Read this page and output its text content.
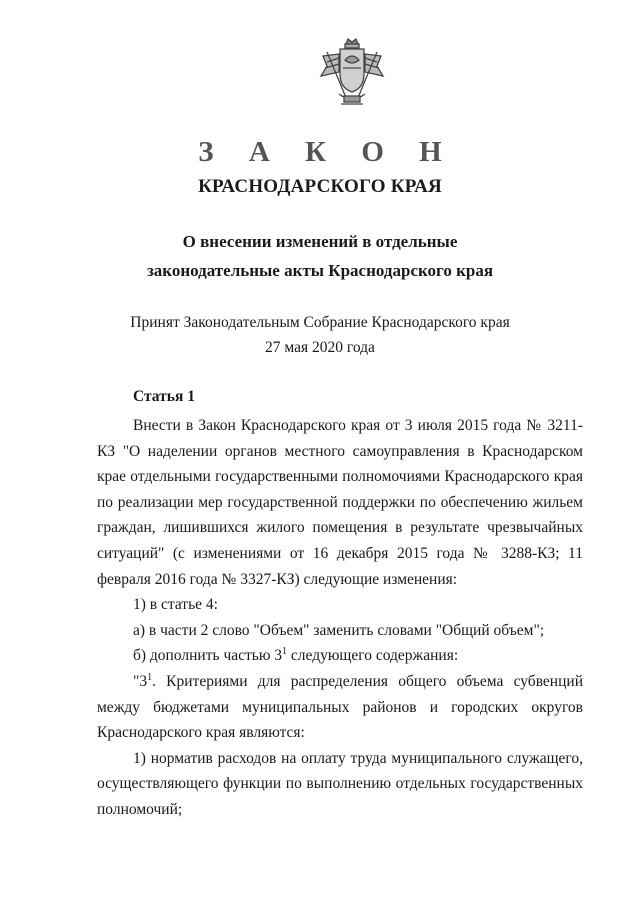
З А К О Н
КРАСНОДАРСКОГО КРАЯ
О внесении изменений в отдельные
законодательные акты Краснодарского края
Принят Законодательным Собрание Краснодарского края
27 мая 2020 года
Статья 1

Внести в Закон Краснодарского края от 3 июля 2015 года № 3211-КЗ "О наделении органов местного самоуправления в Краснодарском крае отдельными государственными полномочиями Краснодарского края по реализации мер государственной поддержки по обеспечению жильем граждан, лишившихся жилого помещения в результате чрезвычайных ситуаций" (с изменениями от 16 декабря 2015 года № 3288-КЗ; 11 февраля 2016 года № 3327-КЗ) следующие изменения:

1) в статье 4:

а) в части 2 слово "Объем" заменить словами "Общий объем";

б) дополнить частью $3^1$ следующего содержания:

"$3^1$. Критериями для распределения общего объема субвенций между бюджетами муниципальных районов и городских округов Краснодарского края являются:

1) норматив расходов на оплату труда муниципального служащего, осуществляющего функции по выполнению отдельных государственных полномочий;
